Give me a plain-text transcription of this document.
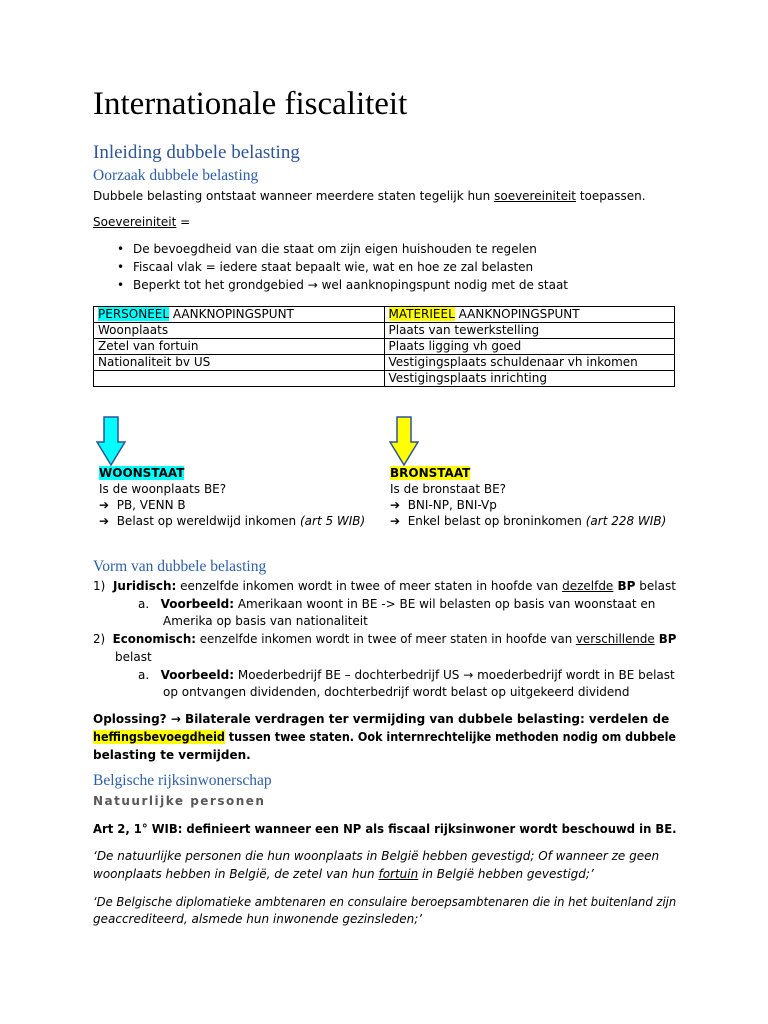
Internationale fiscaliteit
Inleiding dubbele belasting
Oorzaak dubbele belasting
Dubbele belasting ontstaat wanneer meerdere staten tegelijk hun soevereiniteit toepassen.
Soevereiniteit =
• De bevoegdheid van die staat om zijn eigen huishouden te regelen
• Fiscaal vlak = iedere staat bepaalt wie, wat en hoe ze zal belasten
• Beperkt tot het grondgebied → wel aanknopingspunt nodig met de staat
PERSONEEL AANKNOPINGSPUNT	MATERIEEL AANKNOPINGSPUNT
Woonplaats	Plaats van tewerkstelling
Zetel van fortuin	Plaats ligging vh goed
Nationaliteit bv US	Vestigingsplaats schuldenaar vh inkomen
	Vestigingsplaats inrichting
WOONSTAAT
Is de woonplaats BE?
➔ PB, VENN B
➔ Belast op wereldwijd inkomen (art 5 WIB)
BRONSTAAT
Is de bronstaat BE?
➔ BNI-NP, BNI-Vp
➔ Enkel belast op broninkomen (art 228 WIB)
Vorm van dubbele belasting
1) Juridisch: eenzelfde inkomen wordt in twee of meer staten in hoofde van dezelfde BP belast
a. Voorbeeld: Amerikaan woont in BE -> BE wil belasten op basis van woonstaat en
Amerika op basis van nationaliteit
2) Economisch: eenzelfde inkomen wordt in twee of meer staten in hoofde van verschillende BP
belast
a. Voorbeeld: Moederbedrijf BE – dochterbedrijf US → moederbedrijf wordt in BE belast
op ontvangen dividenden, dochterbedrijf wordt belast op uitgekeerd dividend
Oplossing? → Bilaterale verdragen ter vermijding van dubbele belasting: verdelen de
heffingsbevoegdheid tussen twee staten. Ook internrechtelijke methoden nodig om dubbele
belasting te vermijden.
Belgische rijksinwonerschap
Natuurlijke personen
Art 2, 1° WIB: definieert wanneer een NP als fiscaal rijksinwoner wordt beschouwd in BE.
‘De natuurlijke personen die hun woonplaats in België hebben gevestigd; Of wanneer ze geen
woonplaats hebben in België, de zetel van hun fortuin in België hebben gevestigd;’
‘De Belgische diplomatieke ambtenaren en consulaire beroepsambtenaren die in het buitenland zijn
geaccrediteerd, alsmede hun inwonende gezinsleden;’
